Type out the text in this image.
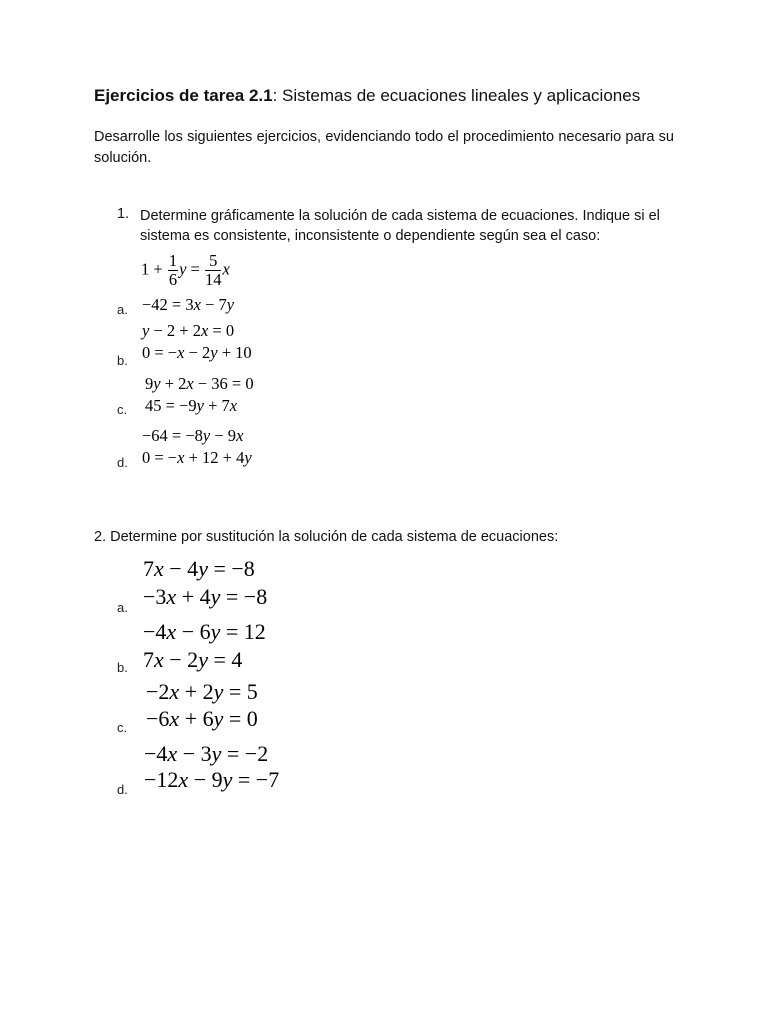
Ejercicios de tarea 2.1: Sistemas de ecuaciones lineales y aplicaciones
Desarrolle los siguientes ejercicios, evidenciando todo el procedimiento necesario para su solución.
1. Determine gráficamente la solución de cada sistema de ecuaciones. Indique si el sistema es consistente, inconsistente o dependiente según sea el caso:
$1 + \frac{1}{6}$ $y = \frac{5}{14}$ x
a. −42 = 3x − 7y
y − 2 + 2x = 0
b. 0 = −x − 2y + 10
9y + 2x − 36 = 0
c. 45 = −9y + 7x
−64 = −8y − 9x
d. 0 = −x + 12 + 4y
2. Determine por sustitución la solución de cada sistema de ecuaciones:
7x − 4y = −8
a. −3x + 4y = −8
−4x − 6y = 12
b. 7x − 2y = 4
−2x + 2y = 5
c. −6x + 6y = 0
−4x − 3y = −2
d. −12x − 9y = −7
